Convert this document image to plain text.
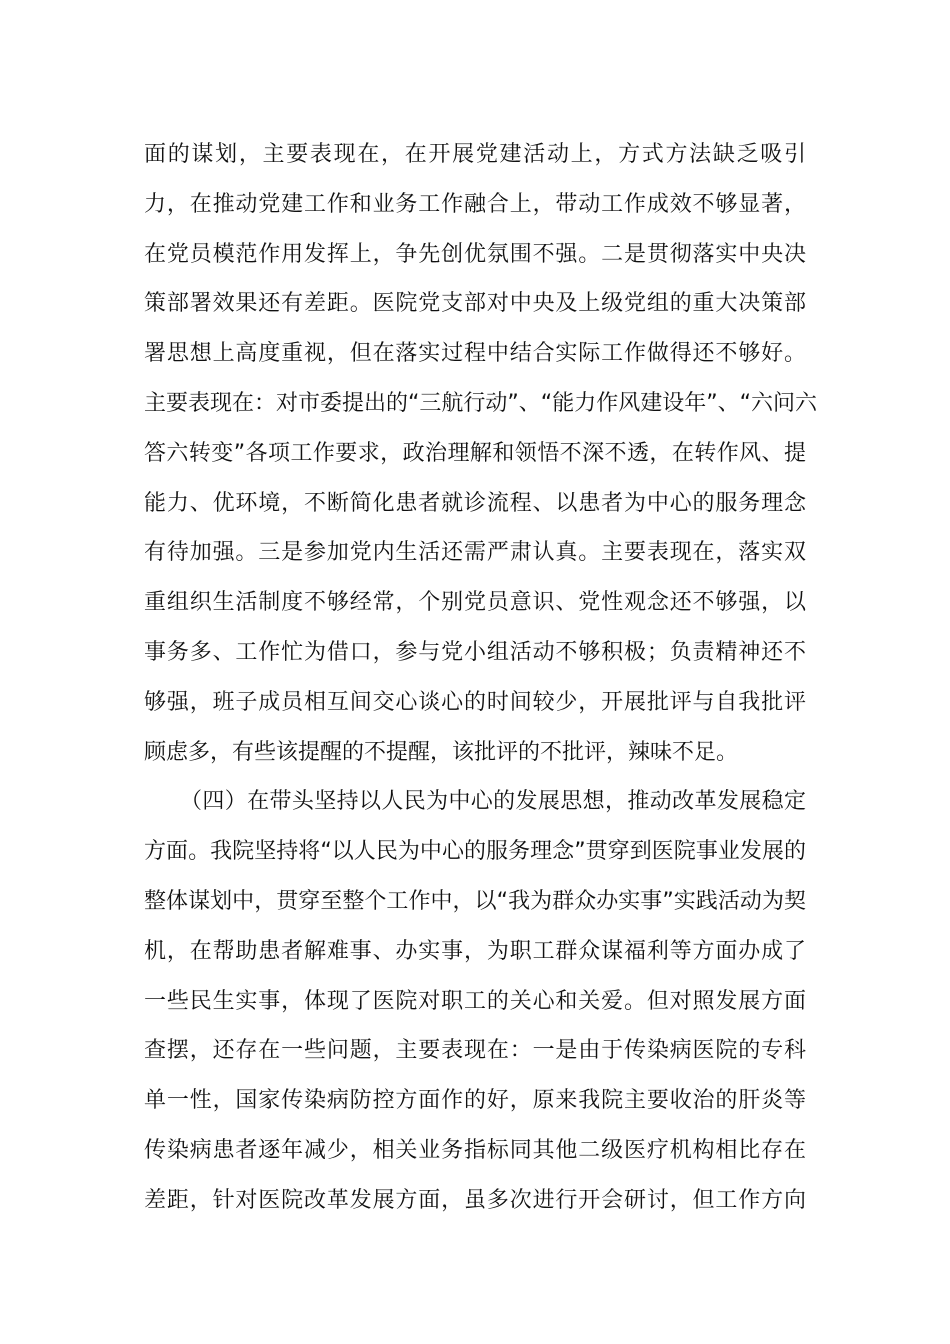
面的谋划，主要表现在，在开展党建活动上，方式方法缺乏吸引
力，在推动党建工作和业务工作融合上，带动工作成效不够显著，
在党员模范作用发挥上，争先创优氛围不强。二是贯彻落实中央决
策部署效果还有差距。医院党支部对中央及上级党组的重大决策部
署思想上高度重视，但在落实过程中结合实际工作做得还不够好。
主要表现在：对市委提出的“三航行动”、“能力作风建设年”、“六问六
答六转变”各项工作要求，政治理解和领悟不深不透，在转作风、提
能力、优环境，不断简化患者就诊流程、以患者为中心的服务理念
有待加强。三是参加党内生活还需严肃认真。主要表现在，落实双
重组织生活制度不够经常，个别党员意识、党性观念还不够强，以
事务多、工作忙为借口，参与党小组活动不够积极；负责精神还不
够强，班子成员相互间交心谈心的时间较少，开展批评与自我批评
顾虑多，有些该提醒的不提醒，该批评的不批评，辣味不足。
（四）在带头坚持以人民为中心的发展思想，推动改革发展稳定
方面。我院坚持将“以人民为中心的服务理念”贯穿到医院事业发展的
整体谋划中，贯穿至整个工作中，以“我为群众办实事”实践活动为契
机，在帮助患者解难事、办实事，为职工群众谋福利等方面办成了
一些民生实事，体现了医院对职工的关心和关爱。但对照发展方面
查摆，还存在一些问题，主要表现在：一是由于传染病医院的专科
单一性，国家传染病防控方面作的好，原来我院主要收治的肝炎等
传染病患者逐年减少，相关业务指标同其他二级医疗机构相比存在
差距，针对医院改革发展方面，虽多次进行开会研讨，但工作方向
